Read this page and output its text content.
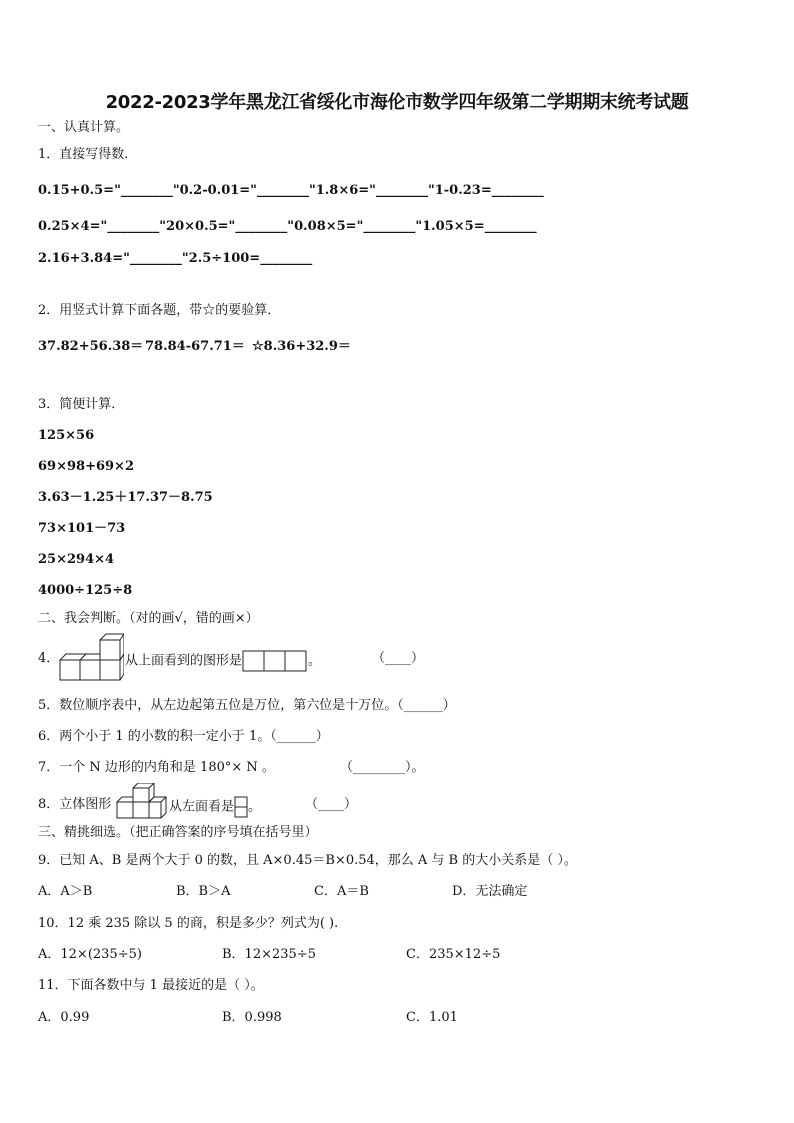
2022-2023学年黑龙江省绥化市海伦市数学四年级第二学期期末统考试题
一、认真计算。
1．直接写得数．
0.15+0.5="________"0.2-0.01="________"1.8×6="________"1-0.23=________
0.25×4="________"20×0.5="________"0.08×5="________"1.05×5=________
2.16+3.84="________"2.5÷100=________
2．用竖式计算下面各题，带☆的要验算．
37.82+56.38＝ 78.84-67.71＝ ☆8.36+32.9＝
3．简便计算．
125×56
69×98+69×2
3.63－1.25＋17.37－8.75
73×101－73
25×294×4
4000÷125÷8
二、我会判断。（对的画√，错的画×）
4．	从上面看到的图形是	。	（____）
5．数位顺序表中，从左边起第五位是万位，第六位是十万位。（______）
6．两个小于 1 的小数的积一定小于 1。（______）
7．一个 N 边形的内角和是 180°× N 。	（________）。
8．立体图形	从左面看是 。	（____）
三、精挑细选。（把正确答案的序号填在括号里）
9．已知 A、B 是两个大于 0 的数，且 A×0.45＝B×0.54，那么 A 与 B 的大小关系是（ ）。
A．A＞B	B．B＞A	C．A＝B	D．无法确定
10．12 乘 235 除以 5 的商，积是多少？列式为( ).
A．12×(235÷5)	B．12×235÷5	C．235×12÷5
11．下面各数中与 1 最接近的是（ ）。
A．0.99	B．0.998	C．1.01
